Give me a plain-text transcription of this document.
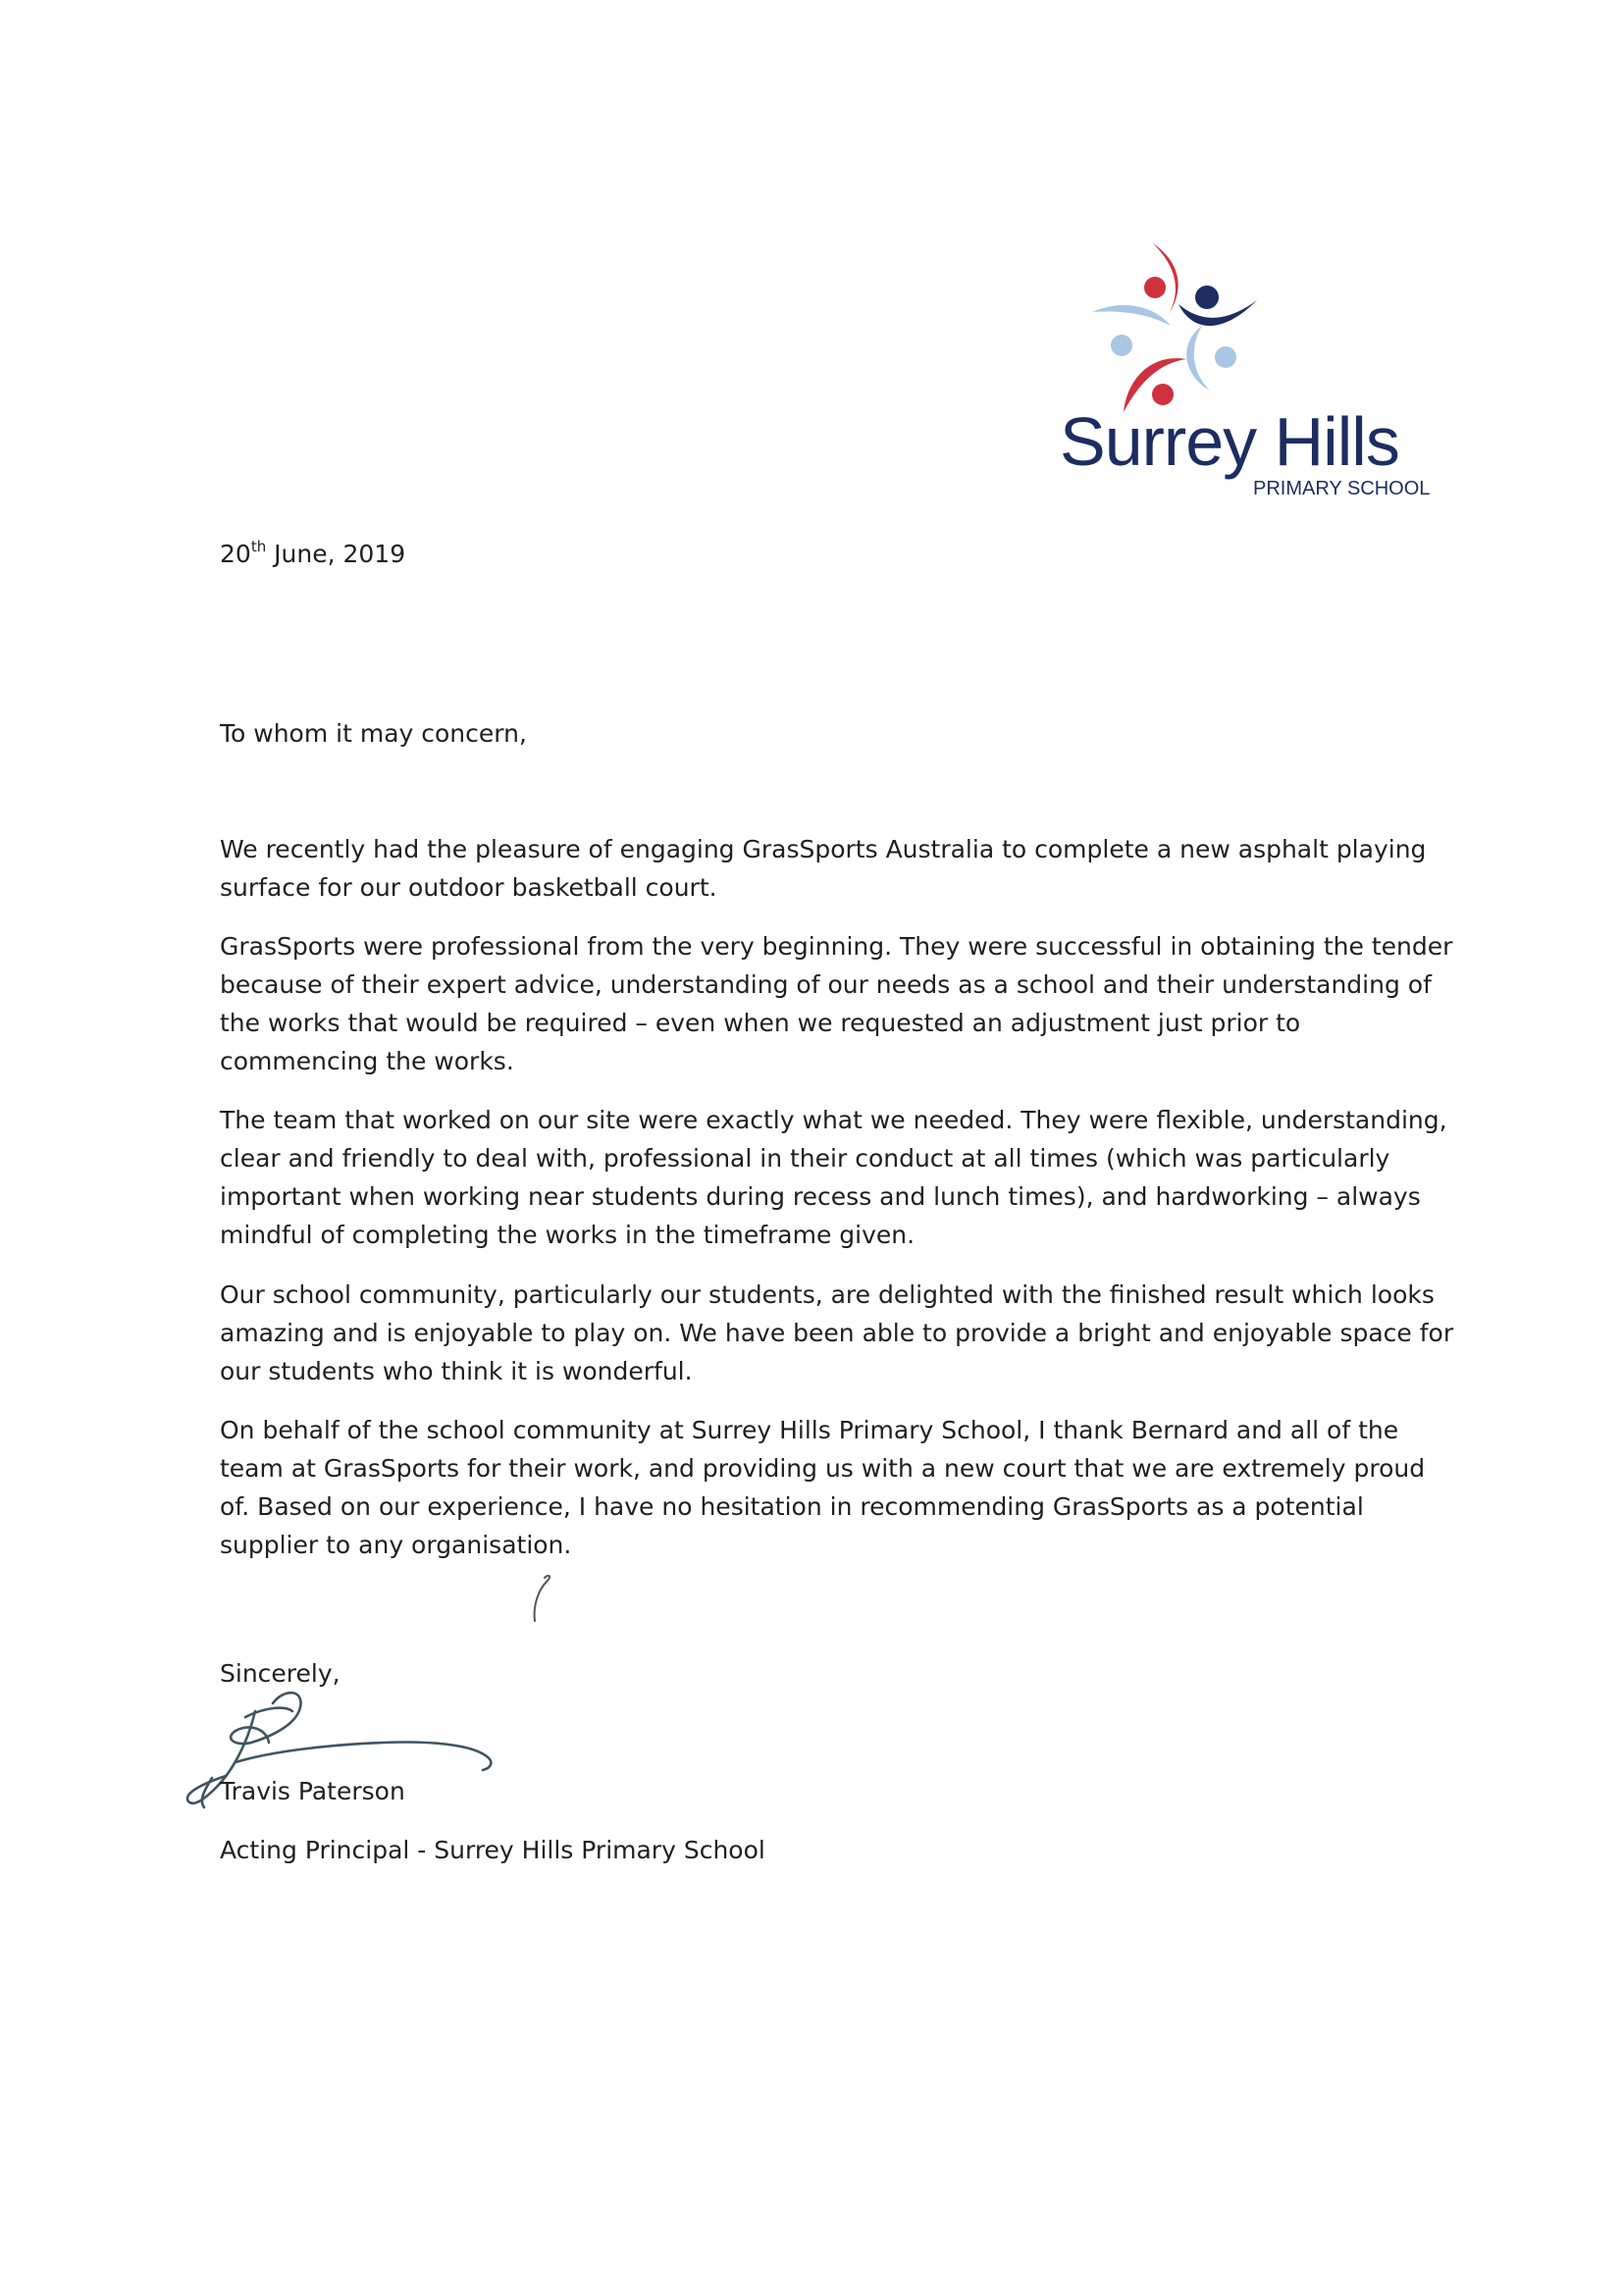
Surrey Hills
PRIMARY SCHOOL
20th June, 2019
To whom it may concern,
We recently had the pleasure of engaging GrasSports Australia to complete a new asphalt playing
surface for our outdoor basketball court.
GrasSports were professional from the very beginning. They were successful in obtaining the tender
because of their expert advice, understanding of our needs as a school and their understanding of
the works that would be required – even when we requested an adjustment just prior to
commencing the works.
The team that worked on our site were exactly what we needed. They were flexible, understanding,
clear and friendly to deal with, professional in their conduct at all times (which was particularly
important when working near students during recess and lunch times), and hardworking – always
mindful of completing the works in the timeframe given.
Our school community, particularly our students, are delighted with the finished result which looks
amazing and is enjoyable to play on. We have been able to provide a bright and enjoyable space for
our students who think it is wonderful.
On behalf of the school community at Surrey Hills Primary School, I thank Bernard and all of the
team at GrasSports for their work, and providing us with a new court that we are extremely proud
of. Based on our experience, I have no hesitation in recommending GrasSports as a potential
supplier to any organisation.
Sincerely,
Travis Paterson
Acting Principal - Surrey Hills Primary School
